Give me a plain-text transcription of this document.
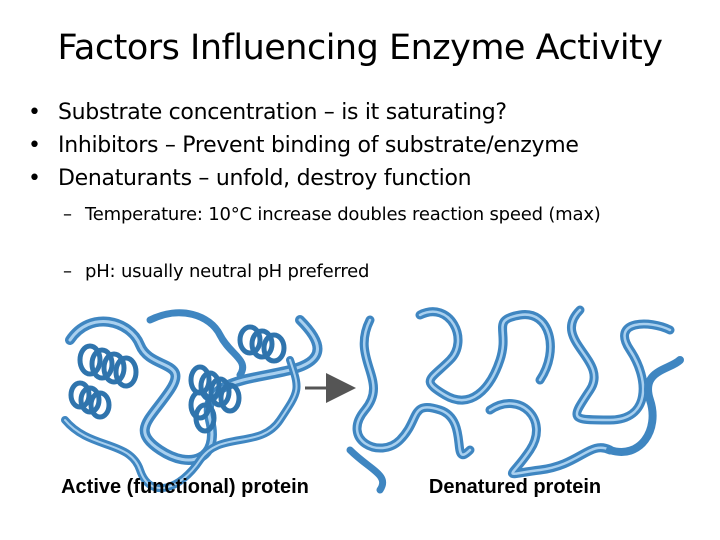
Factors Influencing Enzyme Activity
• Substrate concentration – is it saturating?
• Inhibitors – Prevent binding of substrate/enzyme
• Denaturants – unfold, destroy function
– Temperature: 10°C increase doubles reaction speed (max)
– pH: usually neutral pH preferred
Active (functional) protein	Denatured protein
